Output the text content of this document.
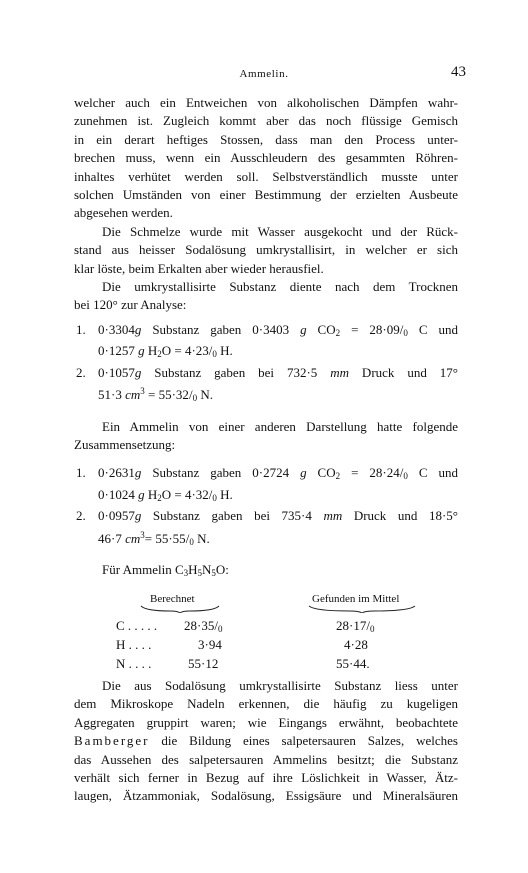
Ammelin.	43

welcher auch ein Entweichen von alkoholischen Dämpfen wahr-
zunehmen ist. Zugleich kommt aber das noch flüssige Gemisch
in ein derart heftiges Stossen, dass man den Process unter-
brechen muss, wenn ein Ausschleudern des gesammten Röhren-
inhaltes verhütet werden soll. Selbstverständlich musste unter
solchen Umständen von einer Bestimmung der erzielten Ausbeute
abgesehen werden.

Die Schmelze wurde mit Wasser ausgekocht und der Rück-
stand aus heisser Sodalösung umkrystallisirt, in welcher er sich
klar löste, beim Erkalten aber wieder herausfiel.

Die umkrystallisirte Substanz diente nach dem Trocknen
bei 120° zur Analyse:

1. 0·3304g Substanz gaben 0·3403 g $CO_2 = 28\cdot 09/0$ C und
0·1257 g $H_2O = 4\cdot 23/0$ H.
2. 0·1057g Substanz gaben bei 732·5 mm Druck und 17°
51·3 $cm^3 = 55\cdot 32/0$ N.

Ein Ammelin von einer anderen Darstellung hatte folgende
Zusammensetzung:

1. 0·2631g Substanz gaben 0·2724 g $CO_2 = 28\cdot 24/0$ C und
0·1024 g $H_2O = 4\cdot 32/0$ H.
2. 0·0957g Substanz gaben bei 735·4 mm Druck und 18·5°
46·7 $cm^3= 55\cdot 55/0$ N.

Für Ammelin $C_3H_5N_5O$:

Berechnet	Gefunden im Mittel
C . . . . . 28·35/0	28·17/0
H . . . .	3·94	4·28
N . . . .	55·12	55·44.

Die aus Sodalösung umkrystallisirte Substanz liess unter
dem Mikroskope Nadeln erkennen, die häufig zu kugeligen
Aggregaten gruppirt waren; wie Eingangs erwähnt, beobachtete
Bamberger die Bildung eines salpetersauren Salzes, welches
das Aussehen des salpetersauren Ammelins besitzt; die Substanz
verhält sich ferner in Bezug auf ihre Löslichkeit in Wasser, Ätz-
laugen, Ätzammoniak, Sodalösung, Essigsäure und Mineralsäuren
